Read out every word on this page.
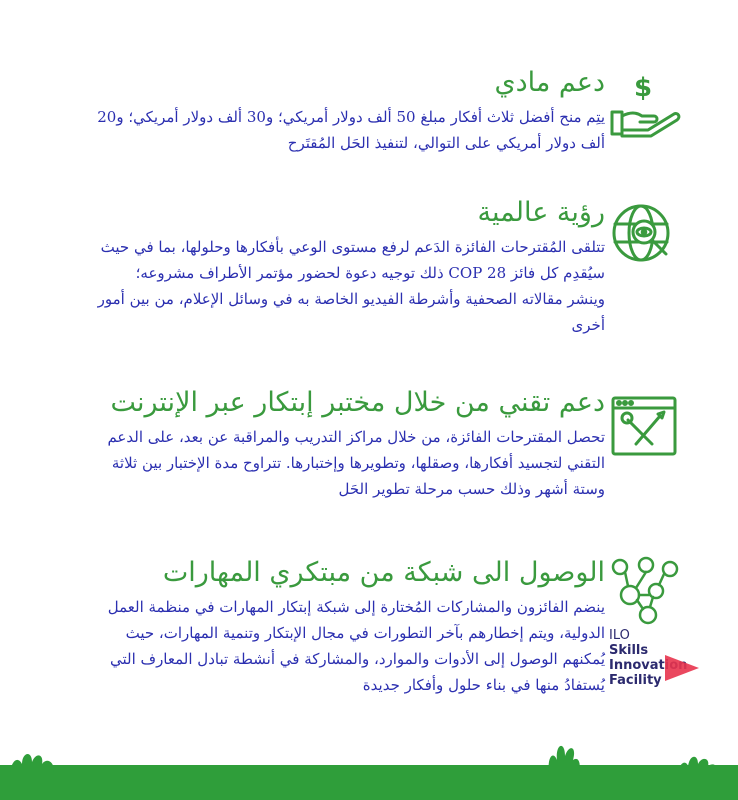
$
دعم مادي

يتِم منح أفضل ثلاث أفكار مبلغ 50 ألف دولار أمريكي؛ و30 ألف دولار أمريكي؛ و20 ألف دولار أمريكي على التوالي، لتنفيذ الحَل المُقتَرح

رؤية عالمية

تتلقى المُقترحات الفائزة الدَعم لرفع مستوى الوعي بأفكارها وحلولها، بما في حيث سيُقدِم كل فائز COP 28 ذلك توجيه دعوة لحضور مؤتمر الأطراف مشروعه؛ وينشر مقالاته الصحفية وأشرطة الفيديو الخاصة به في وسائل الإعلام، من بين أمور أخرى

دعم تقني من خلال مختبر إبتكار عبر الإنترنت

تحصل المقترحات الفائزة، من خلال مراكز التدريب والمراقبة عن بعد، على الدعم التقني لتجسيد أفكارها، وصقلها، وتطويرها وإختبارها. تتراوح مدة الإختبار بين ثلاثة وستة أشهر وذلك حسب مرحلة تطوير الحَل

الوصول الى شبكة من مبتكري المهارات

ينضم الفائزون والمشاركات المُختارة إلى شبكة إبتكار المهارات في منظمة العمل الدولية، ويتم إخطارهم بآخر التطورات في مجال الإبتكار وتنمية المهارات، حيث يُمكنهم الوصول إلى الأدوات والموارد، والمشاركة في أنشطة تبادل المعارف التي يُستفادُ منها في بناء حلول وأفكار جديدة

ILO
Skills
Innovation
Facility
